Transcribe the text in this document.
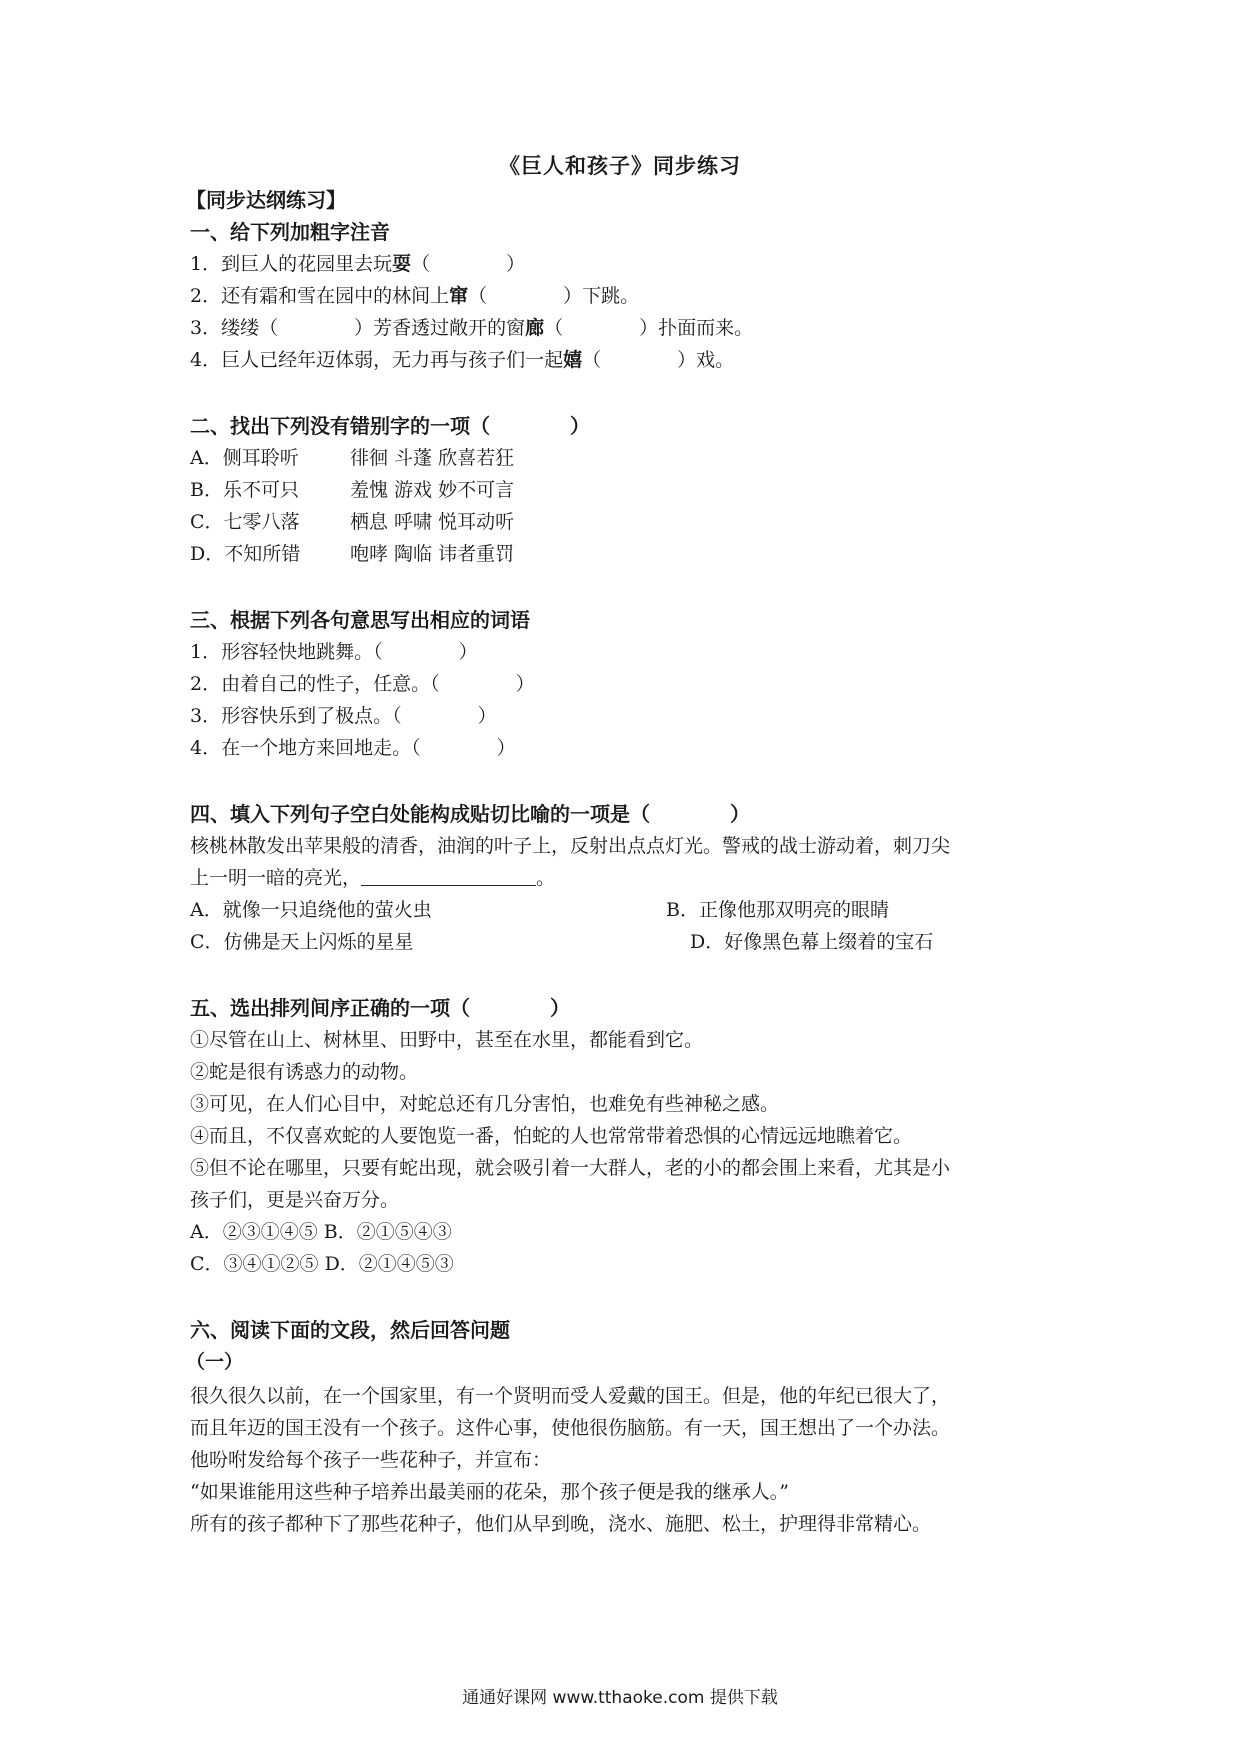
《巨人和孩子》同步练习
【同步达纲练习】
一、给下列加粗字注音
1．到巨人的花园里去玩耍（　　　　）
2．还有霜和雪在园中的林间上窜（　　　　）下跳。
3．缕缕（　　　　）芳香透过敞开的窗廊（　　　　）扑面而来。
4．巨人已经年迈体弱，无力再与孩子们一起嬉（　　　　）戏。
二、找出下列没有错别字的一项（　　　　）
A．侧耳聆听	徘徊 斗蓬 欣喜若狂
B．乐不可只	羞愧 游戏 妙不可言
C．七零八落	栖息 呼啸 悦耳动听
D．不知所错	咆哮 陶临 讳者重罚
三、根据下列各句意思写出相应的词语
1．形容轻快地跳舞。（　　　　）
2．由着自己的性子，任意。（　　　　）
3．形容快乐到了极点。（　　　　）
4．在一个地方来回地走。（　　　　）
四、填入下列句子空白处能构成贴切比喻的一项是（　　　　）
核桃林散发出苹果般的清香，油润的叶子上，反射出点点灯光。警戒的战士游动着，刺刀尖
上一明一暗的亮光，	。
A．就像一只追绕他的萤火虫	B．正像他那双明亮的眼睛
C．仿佛是天上闪烁的星星	D．好像黑色幕上缀着的宝石
五、选出排列间序正确的一项（　　　　）
①尽管在山上、树林里、田野中，甚至在水里，都能看到它。
②蛇是很有诱惑力的动物。
③可见，在人们心目中，对蛇总还有几分害怕，也难免有些神秘之感。
④而且，不仅喜欢蛇的人要饱览一番，怕蛇的人也常常带着恐惧的心情远远地瞧着它。
⑤但不论在哪里，只要有蛇出现，就会吸引着一大群人，老的小的都会围上来看，尤其是小
孩子们，更是兴奋万分。
A．②③①④⑤ B．②①⑤④③
C．③④①②⑤ D．②①④⑤③
六、阅读下面的文段，然后回答问题
（一）
很久很久以前，在一个国家里，有一个贤明而受人爱戴的国王。但是，他的年纪已很大了，
而且年迈的国王没有一个孩子。这件心事，使他很伤脑筋。有一天，国王想出了一个办法。
他吩咐发给每个孩子一些花种子，并宣布：
“如果谁能用这些种子培养出最美丽的花朵，那个孩子便是我的继承人。”
所有的孩子都种下了那些花种子，他们从早到晚，浇水、施肥、松土，护理得非常精心。
通通好课网 www.tthaoke.com 提供下载
